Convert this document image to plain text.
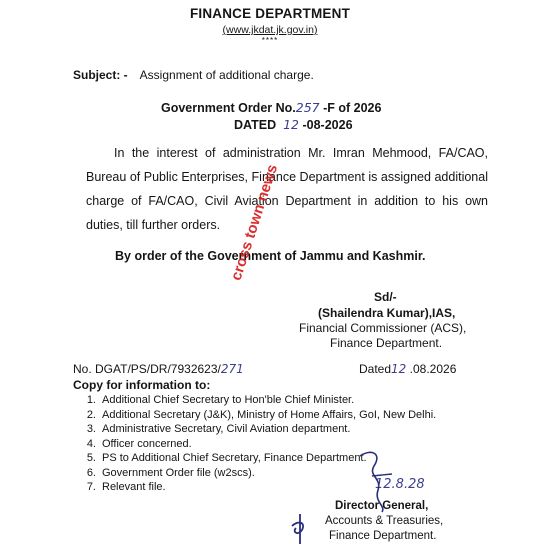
FINANCE DEPARTMENT
(www.jkdat.jk.gov.in)
****
Subject: - Assignment of additional charge.
Government Order No.257 -F of 2026
DATED 12 -08-2026
In the interest of administration Mr. Imran Mehmood, FA/CAO, Bureau of Public Enterprises, Finance Department is assigned additional charge of FA/CAO, Civil Aviation Department in addition to his own duties, till further orders.
By order of the Government of Jammu and Kashmir.
Sd/-
(Shailendra Kumar),IAS,
Financial Commissioner (ACS),
Finance Department.
No. DGAT/PS/DR/7932623/271	Dated12 .08.2026
Copy for information to:
1. Additional Chief Secretary to Hon'ble Chief Minister.
2. Additional Secretary (J&K), Ministry of Home Affairs, GoI, New Delhi.
3. Administrative Secretary, Civil Aviation department.
4. Officer concerned.
5. PS to Additional Chief Secretary, Finance Department.
6. Government Order file (w2scs).
7. Relevant file.	12.8.28
Director General,
Accounts & Treasuries,
Finance Department.
cross town news
